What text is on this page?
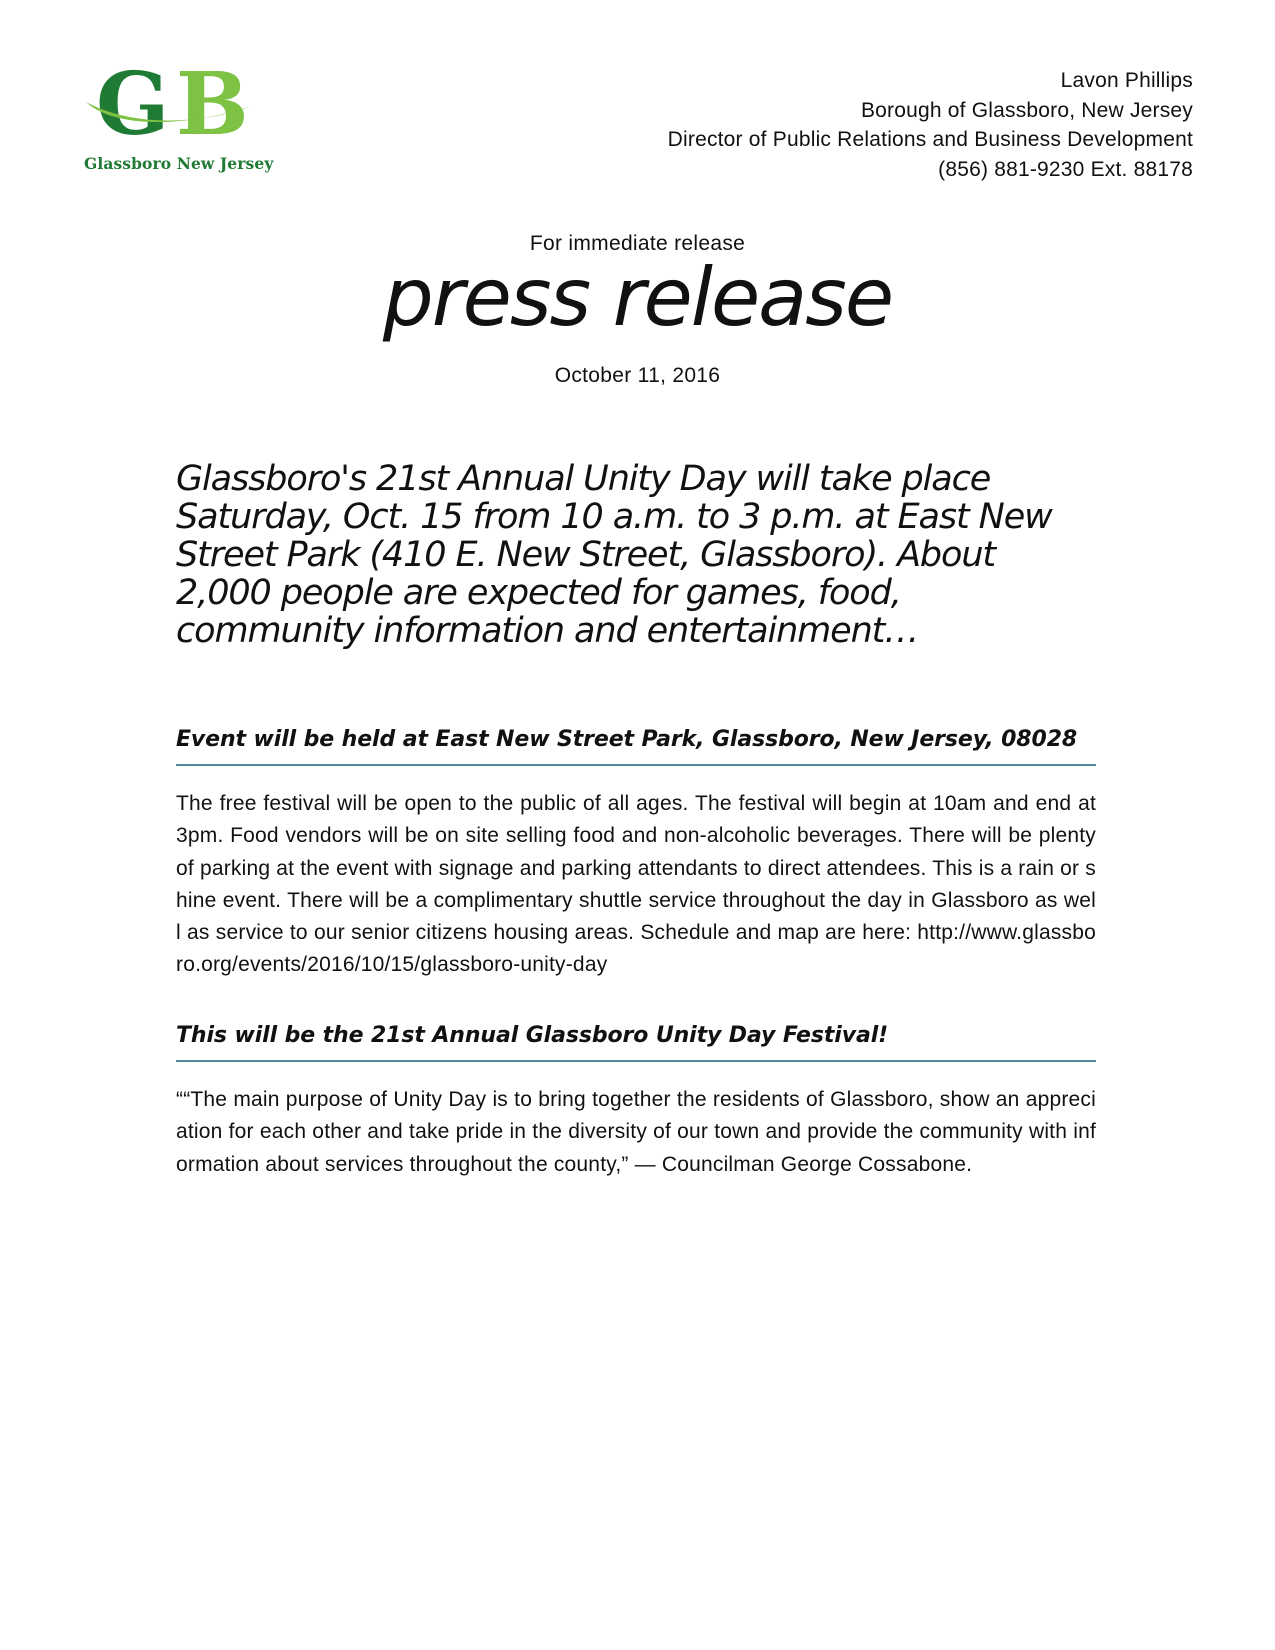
G B
Glassboro New Jersey
Lavon Phillips
Borough of Glassboro, New Jersey
Director of Public Relations and Business Development
(856) 881-9230 Ext. 88178
For immediate release
press release
October 11, 2016
Glassboro's 21st Annual Unity Day will take place Saturday, Oct. 15 from 10 a.m. to 3 p.m. at East New Street Park (410 E. New Street, Glassboro). About 2,000 people are expected for games, food, community information and entertainment…
Event will be held at East New Street Park, Glassboro, New Jersey, 08028
The free festival will be open to the public of all ages. The festival will begin at 10am and end at 3pm. Food vendors will be on site selling food and non-alcoholic beverages. There will be plenty of parking at the event with signage and parking attendants to direct attendees. This is a rain or shine event. There will be a complimentary shuttle service throughout the day in Glassboro as well as service to our senior citizens housing areas. Schedule and map are here: http://www.glassboro.org/events/2016/10/15/glassboro-unity-day
This will be the 21st Annual Glassboro Unity Day Festival!
““The main purpose of Unity Day is to bring together the residents of Glassboro, show an appreciation for each other and take pride in the diversity of our town and provide the community with information about services throughout the county,” — Councilman George Cossabone.
